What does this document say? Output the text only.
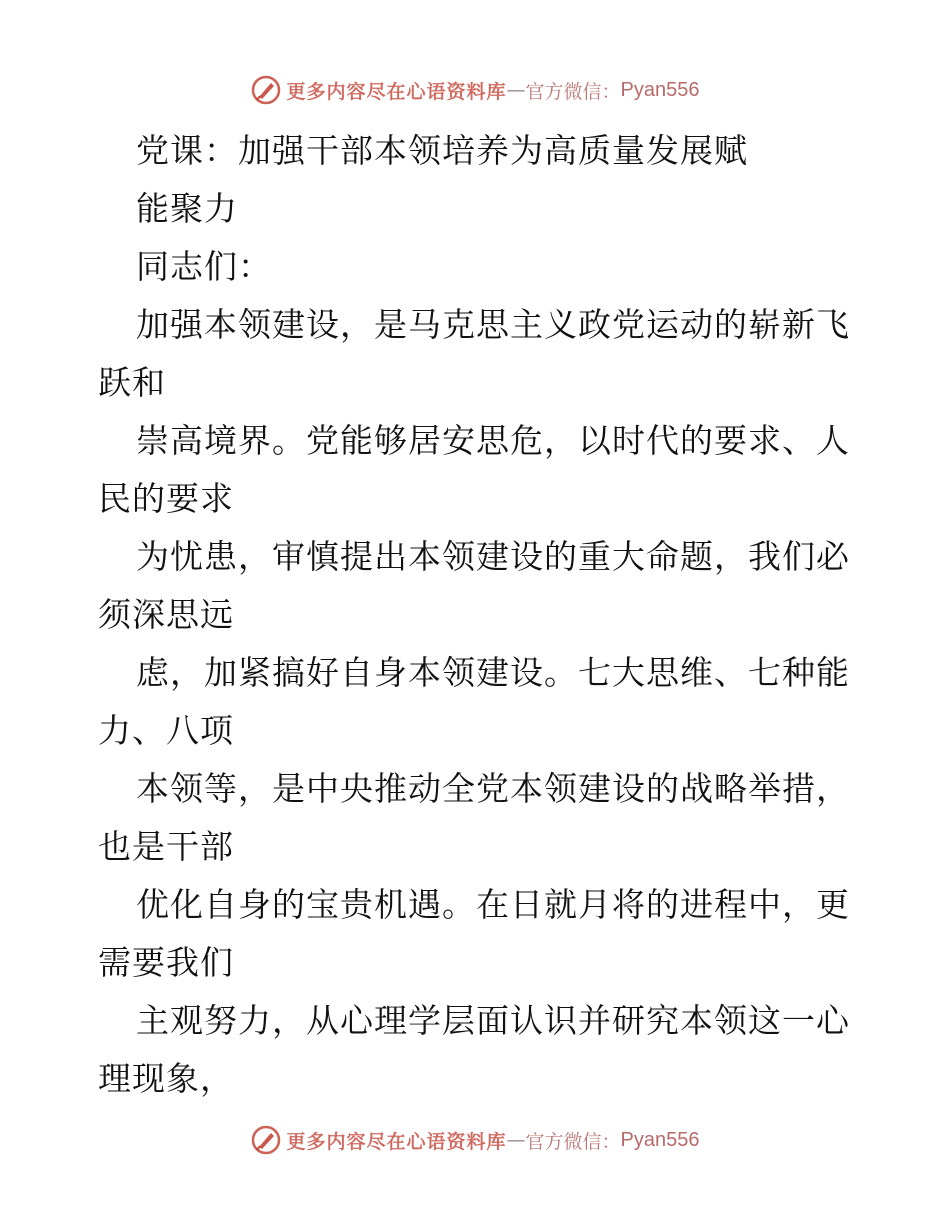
更多内容尽在心语资料库 — 官方微信： Pyan556
党课：加强干部本领培养为高质量发展赋
能聚力
同志们：
加强本领建设，是马克思主义政党运动的崭新飞
跃和
崇高境界。党能够居安思危，以时代的要求、人
民的要求
为忧患，审慎提出本领建设的重大命题，我们必
须深思远
虑，加紧搞好自身本领建设。七大思维、七种能
力、八项
本领等，是中央推动全党本领建设的战略举措，
也是干部
优化自身的宝贵机遇。在日就月将的进程中，更
需要我们
主观努力，从心理学层面认识并研究本领这一心
理现象，
更多内容尽在心语资料库 — 官方微信： Pyan556
